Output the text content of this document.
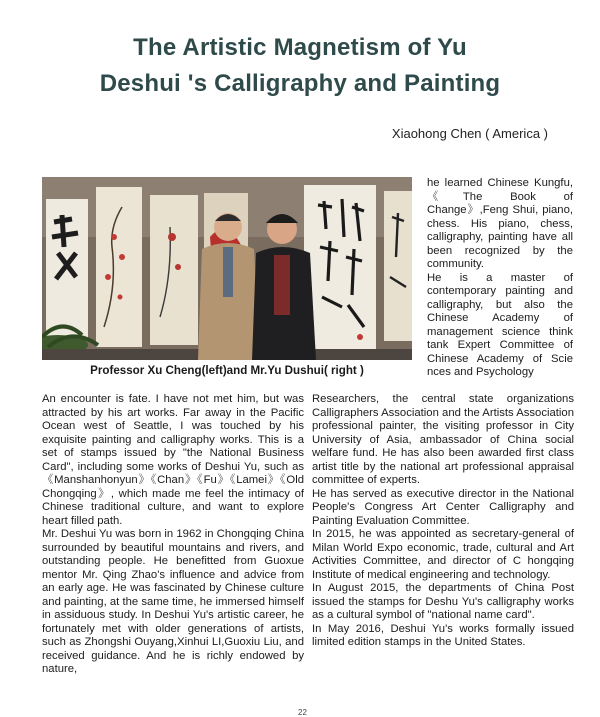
The Artistic Magnetism of Yu
Deshui 's Calligraphy and Painting
Xiaohong Chen ( America )
Professor Xu Cheng(left)and Mr.Yu Dushui( right )

he learned Chinese Kungfu, 《The Book of Change》,Feng Shui, piano, chess. His piano, chess, calligraphy, painting have all been recognized by the community.

He is a master of contemporary painting and calligraphy, but also the Chinese Academy of management science think tank Expert Committee of Chinese Academy of Scie nces and Psychology

An encounter is fate. I have not met him, but was attracted by his art works. Far away in the Pacific Ocean west of Seattle, I was touched by his exquisite painting and calligraphy works. This is a set of stamps issued by "the National Business Card", including some works of Deshui Yu, such as《Manshanhonyun》《Chan》《Fu》《Lamei》《Old Chongqing》, which made me feel the intimacy of Chinese traditional culture, and want to explore heart filled path.

Mr. Deshui Yu was born in 1962 in Chongqing China surrounded by beautiful mountains and rivers, and outstanding people. He benefitted from Guoxue mentor Mr. Qing Zhao's influence and advice from an early age. He was fascinated by Chinese culture and painting, at the same time, he immersed himself in assiduous study. In Deshui Yu's artistic career, he fortunately met with older generations of artists, such as Zhongshi Ouyang,Xinhui LI,Guoxiu Liu, and received guidance. And he is richly endowed by nature,

Researchers, the central state organizations Calligraphers Association and the Artists Association professional painter, the visiting professor in City University of Asia, ambassador of China social welfare fund. He has also been awarded first class artist title by the national art professional appraisal committee of experts.

He has served as executive director in the National People's Congress Art Center Calligraphy and Painting Evaluation Committee.

In 2015, he was appointed as secretary-general of Milan World Expo economic, trade, cultural and Art Activities Committee, and director of C hongqing Institute of medical engineering and technology.

In August 2015, the departments of China Post issued the stamps for Deshu Yu's calligraphy works as a cultural symbol of "national name card".

In May 2016, Deshui Yu's works formally issued limited edition stamps in the United States.

22
